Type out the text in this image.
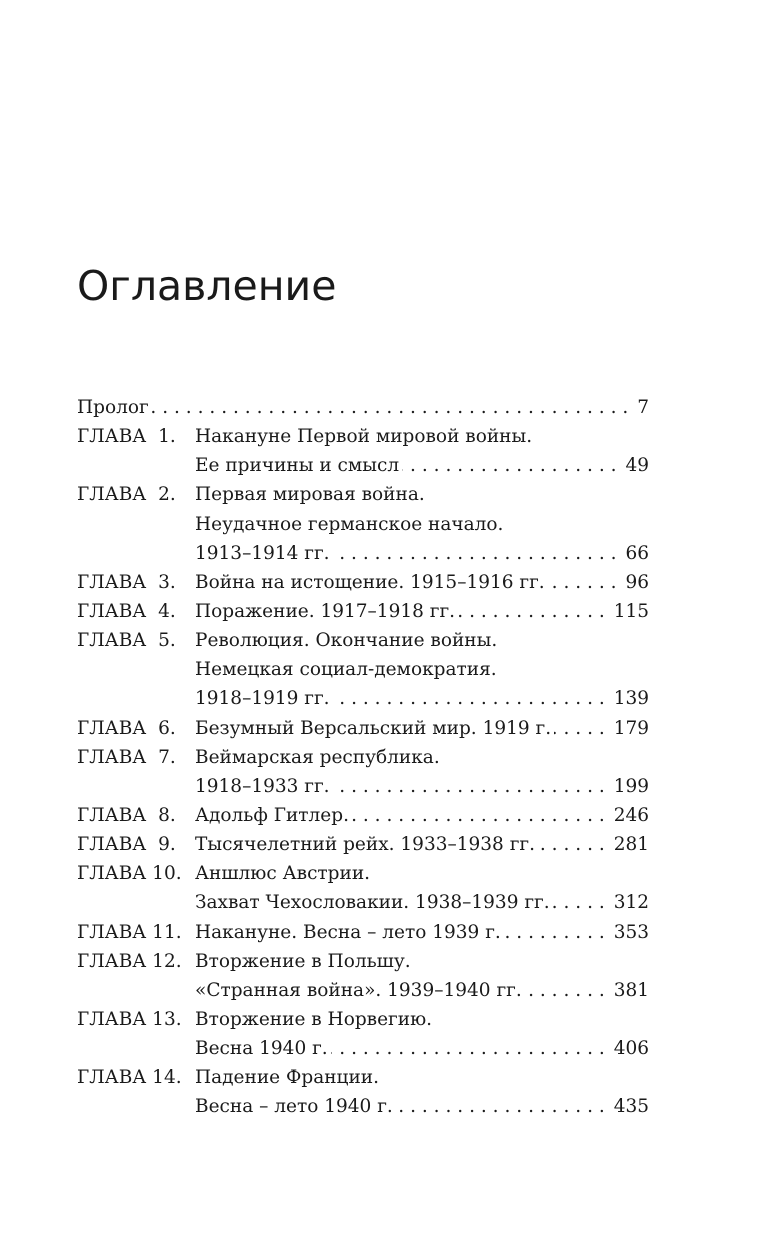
Оглавление
Пролог .....	7
ГЛАВА  1.	Накануне Первой мировой войны.
Ее причины и смысл .....	49
ГЛАВА  2.	Первая мировая война.
Неудачное германское начало.
1913–1914 гг. .....	66
ГЛАВА  3.	Война на истощение. 1915–1916 гг. .....	96
ГЛАВА  4.	Поражение. 1917–1918 гг. .....	115
ГЛАВА  5.	Революция. Окончание войны.
Немецкая социал-демократия.
1918–1919 гг. .....	139
ГЛАВА  6.	Безумный Версальский мир. 1919 г. .....	179
ГЛАВА  7.	Веймарская республика.
1918–1933 гг. .....	199
ГЛАВА  8.	Адольф Гитлер. .....	246
ГЛАВА  9.	Тысячелетний рейх. 1933–1938 гг. .....	281
ГЛАВА 10. Аншлюс Австрии.
Захват Чехословакии. 1938–1939 гг. .....	312
ГЛАВА 11. Накануне. Весна – лето 1939 г. .....	353
ГЛАВА 12. Вторжение в Польшу.
«Странная война». 1939–1940 гг. .....	381
ГЛАВА 13. Вторжение в Норвегию.
Весна 1940 г. .....	406
ГЛАВА 14. Падение Франции.
Весна – лето 1940 г. .....	435
